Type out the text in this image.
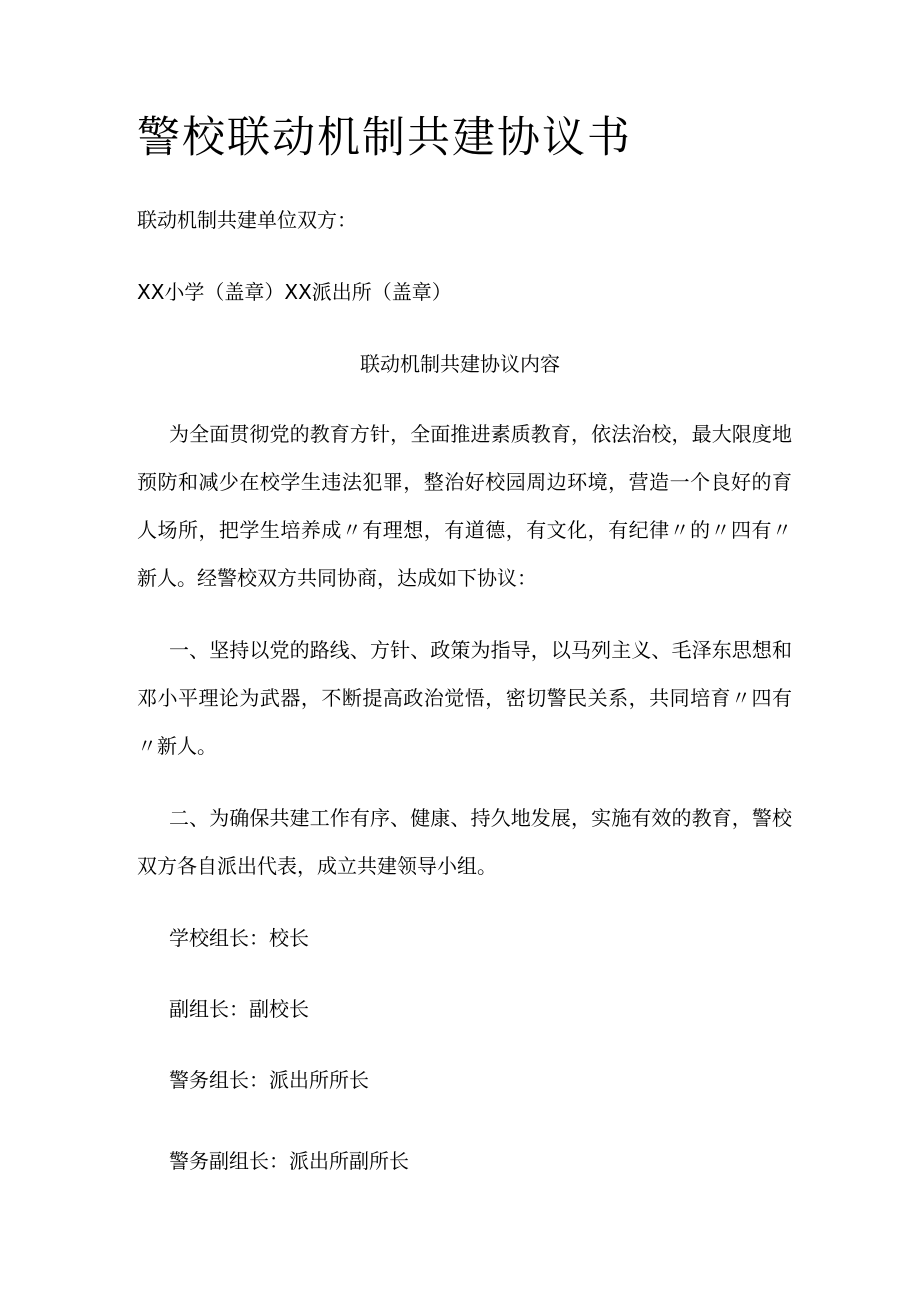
警校联动机制共建协议书

联动机制共建单位双方：

XX小学（盖章）XX派出所（盖章）

联动机制共建协议内容

为全面贯彻党的教育方针，全面推进素质教育，依法治校，最大限度地预防和减少在校学生违法犯罪，整治好校园周边环境，营造一个良好的育人场所，把学生培养成〃有理想，有道德，有文化，有纪律〃的〃四有〃新人。经警校双方共同协商，达成如下协议：

一、坚持以党的路线、方针、政策为指导，以马列主义、毛泽东思想和邓小平理论为武器，不断提高政治觉悟，密切警民关系，共同培育〃四有〃新人。

二、为确保共建工作有序、健康、持久地发展，实施有效的教育，警校双方各自派出代表，成立共建领导小组。

学校组长：校长

副组长：副校长

警务组长：派出所所长

警务副组长：派出所副所长
